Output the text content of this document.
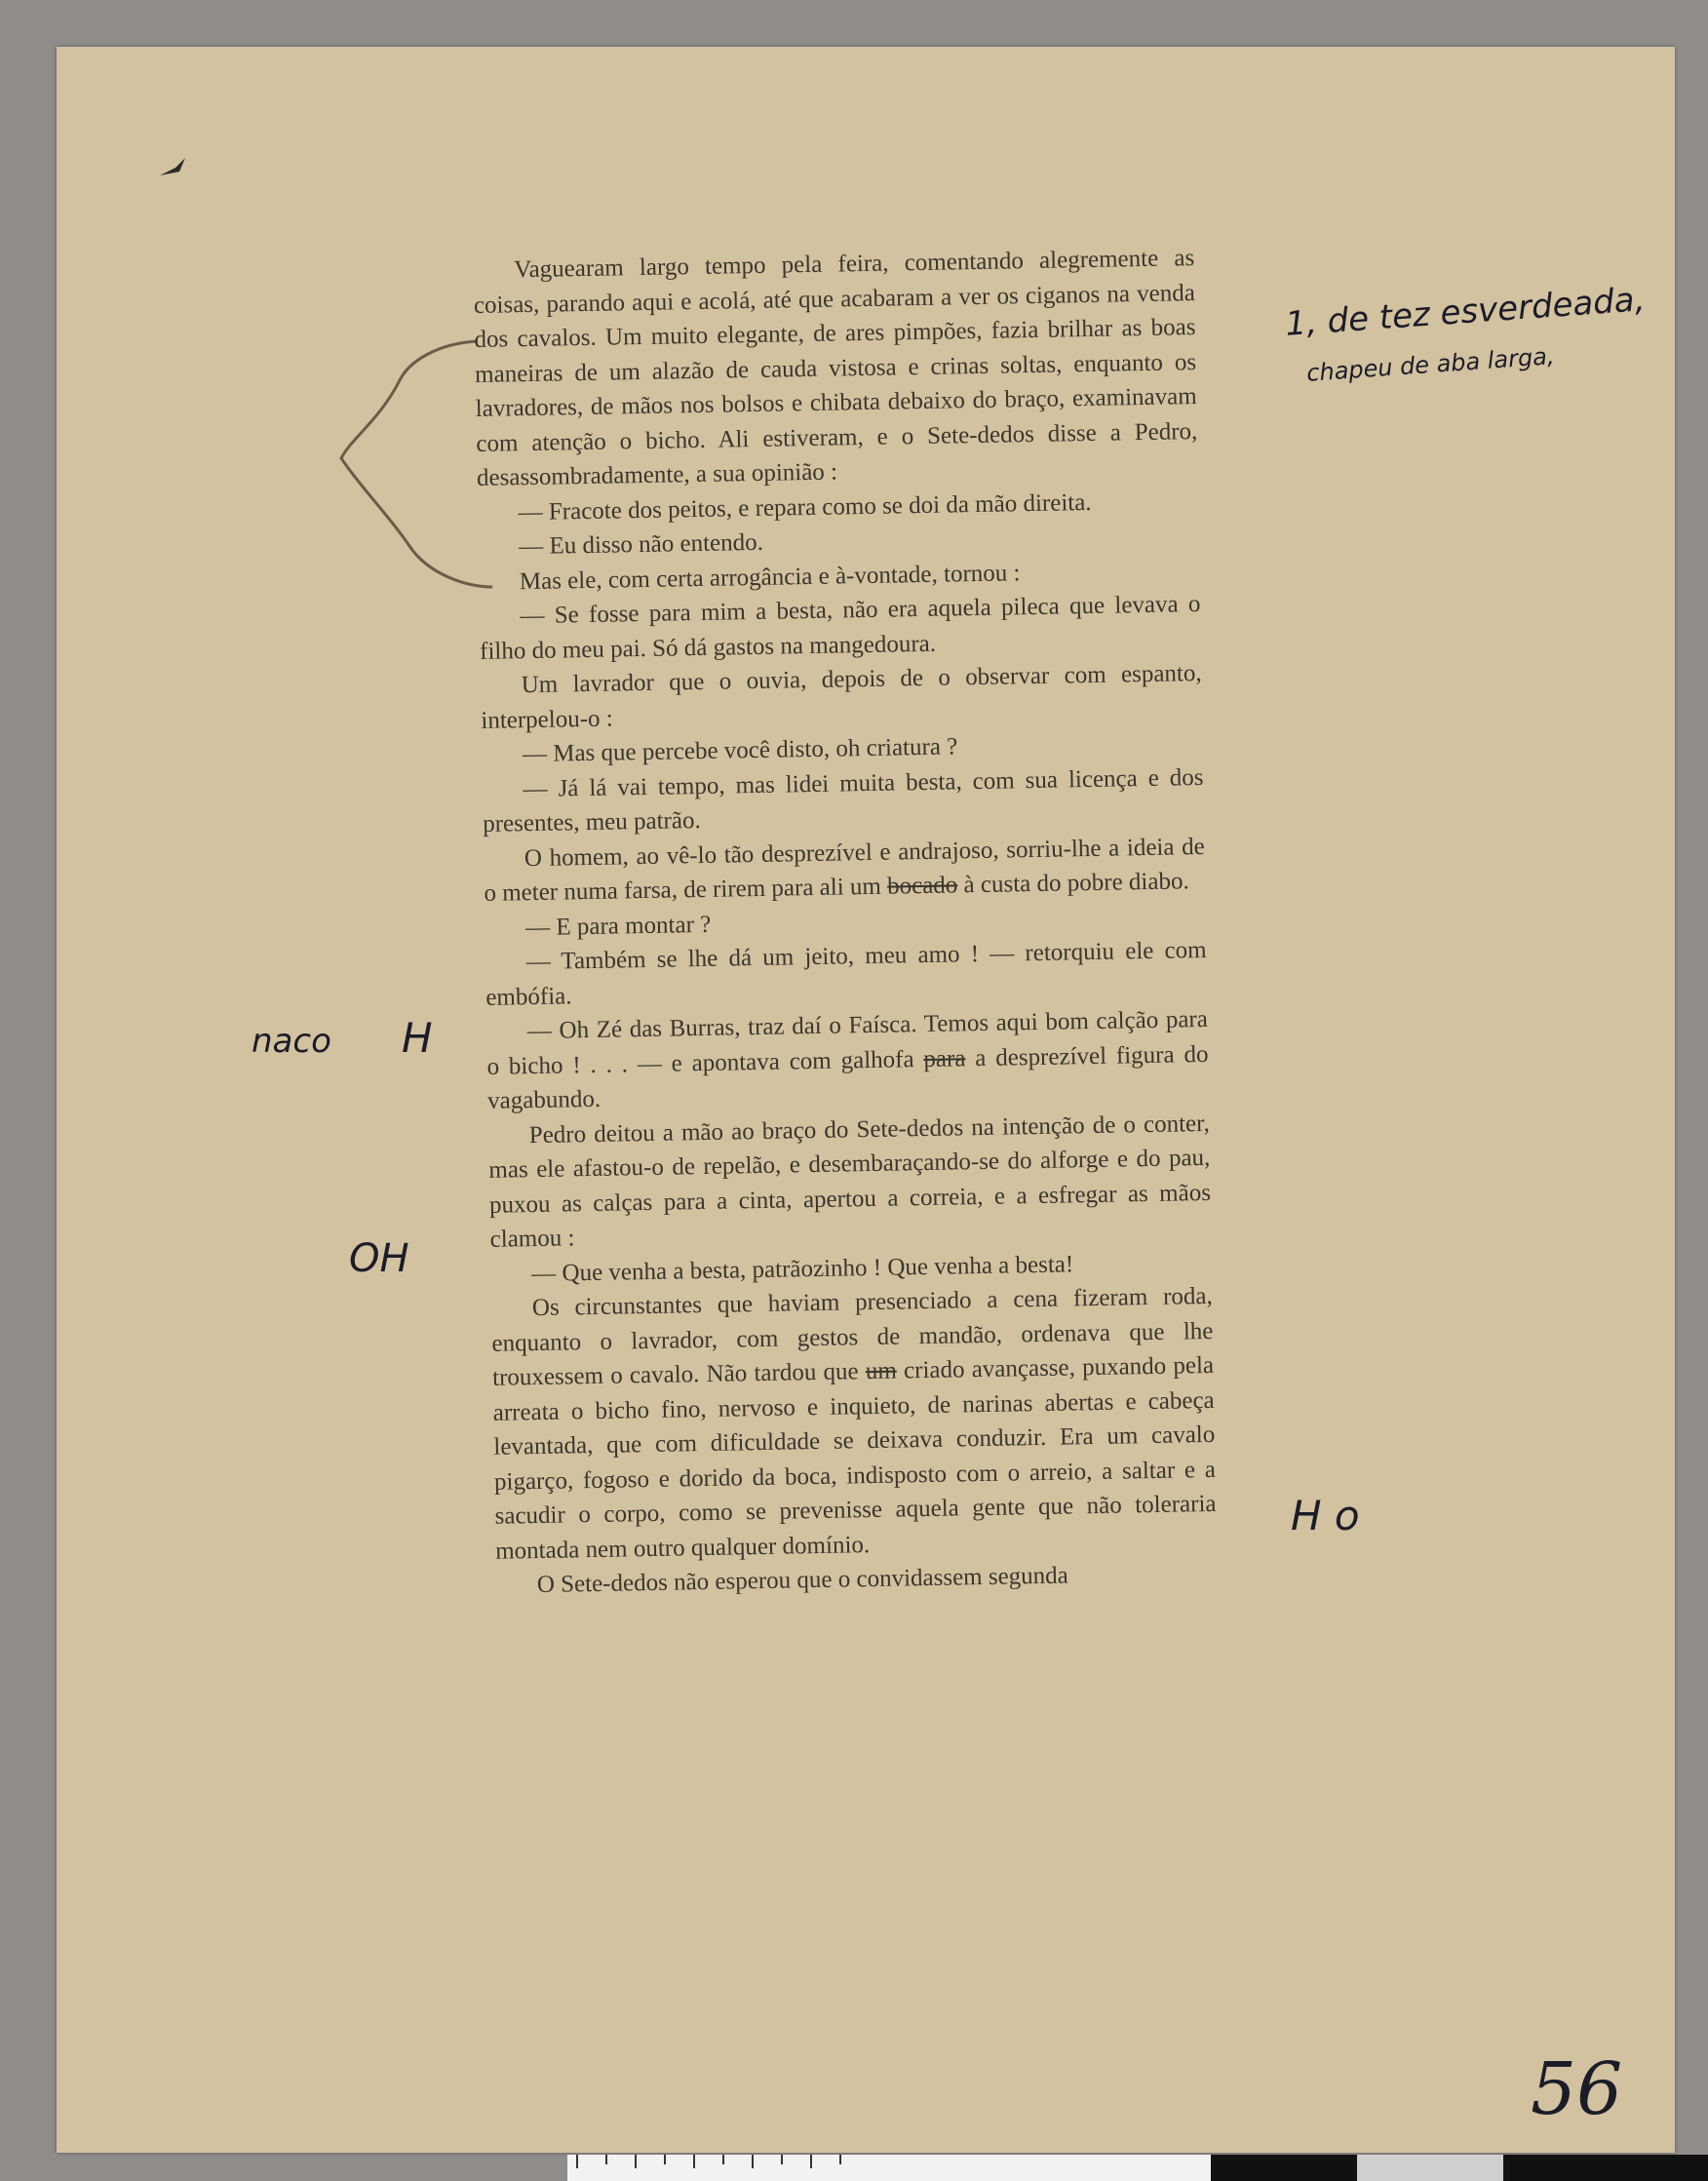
Vaguearam largo tempo pela feira, comentando alegremente as coisas, parando aqui e acolá, até que acabaram a ver os ciganos na venda dos cavalos. Um muito elegante, de ares pimpões, fazia brilhar as boas maneiras de um alazão de cauda vistosa e crinas soltas, enquanto os lavradores, de mãos nos bolsos e chibata debaixo do braço, examinavam com atenção o bicho. Ali estiveram, e o Sete-dedos disse a Pedro, desassombradamente, a sua opinião :

— Fracote dos peitos, e repara como se doi da mão direita.

— Eu disso não entendo.

Mas ele, com certa arrogância e à-vontade, tornou :

— Se fosse para mim a besta, não era aquela pileca que levava o filho do meu pai. Só dá gastos na mangedoura.

Um lavrador que o ouvia, depois de o observar com espanto, interpelou-o :

— Mas que percebe você disto, oh criatura ?

— Já lá vai tempo, mas lidei muita besta, com sua licença e dos presentes, meu patrão.

O homem, ao vê-lo tão desprezível e andrajoso, sorriu-lhe a ideia de o meter numa farsa, de rirem para ali um bocado à custa do pobre diabo.

— E para montar ?

— Também se lhe dá um jeito, meu amo ! — retorquiu ele com embófia.

— Oh Zé das Burras, traz daí o Faísca. Temos aqui bom calção para o bicho ! . . . — e apontava com galhofa para a desprezível figura do vagabundo.

Pedro deitou a mão ao braço do Sete-dedos na intenção de o conter, mas ele afastou-o de repelão, e desembaraçando-se do alforge e do pau, puxou as calças para a cinta, apertou a correia, e a esfregar as mãos clamou :

— Que venha a besta, patrãozinho ! Que venha a besta!

Os circunstantes que haviam presenciado a cena fizeram roda, enquanto o lavrador, com gestos de mandão, ordenava que lhe trouxessem o cavalo. Não tardou que um criado avançasse, puxando pela arreata o bicho fino, nervoso e inquieto, de narinas abertas e cabeça levantada, que com dificuldade se deixava conduzir. Era um cavalo pigarço, fogoso e dorido da boca, indisposto com o arreio, a saltar e a sacudir o corpo, como se prevenisse aquela gente que não toleraria montada nem outro qualquer domínio.

O Sete-dedos não esperou que o convidassem segunda

1, de tez esverdeada,
chapeu de aba larga,
naco H
OH
H o
56
